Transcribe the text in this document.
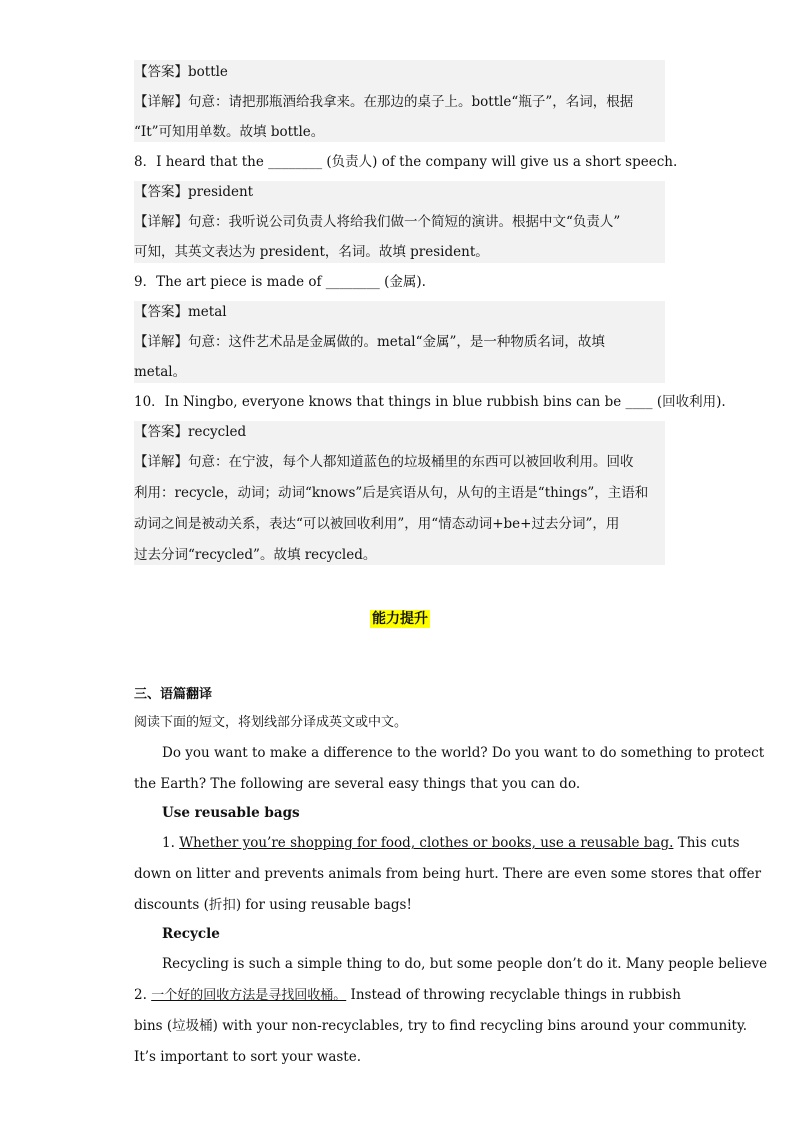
【答案】bottle
【详解】句意：请把那瓶酒给我拿来。在那边的桌子上。bottle“瓶子”，名词，根据
“It”可知用单数。故填 bottle。
8．I heard that the ________ (负责人) of the company will give us a short speech.
【答案】president
【详解】句意：我听说公司负责人将给我们做一个简短的演讲。根据中文“负责人”
可知，其英文表达为 president，名词。故填 president。
9．The art piece is made of ________ (金属).
【答案】metal
【详解】句意：这件艺术品是金属做的。metal“金属”，是一种物质名词，故填
metal。
10．In Ningbo, everyone knows that things in blue rubbish bins can be ____ (回收利用).
【答案】recycled
【详解】句意：在宁波，每个人都知道蓝色的垃圾桶里的东西可以被回收利用。回收
利用：recycle，动词；动词“knows”后是宾语从句，从句的主语是“things”，主语和
动词之间是被动关系，表达“可以被回收利用”，用“情态动词+be+过去分词”，用
过去分词“recycled”。故填 recycled。
能力提升
三、语篇翻译
阅读下面的短文，将划线部分译成英文或中文。
Do you want to make a difference to the world? Do you want to do something to protect
the Earth? The following are several easy things that you can do.
Use reusable bags
1. Whether you’re shopping for food, clothes or books, use a reusable bag. This cuts
down on litter and prevents animals from being hurt. There are even some stores that offer
discounts (折扣) for using reusable bags!
Recycle
Recycling is such a simple thing to do, but some people don’t do it. Many people believe
2. 一个好的回收方法是寻找回收桶。 Instead of throwing recyclable things in rubbish
bins (垃圾桶) with your non-recyclables, try to find recycling bins around your community.
It’s important to sort your waste.
